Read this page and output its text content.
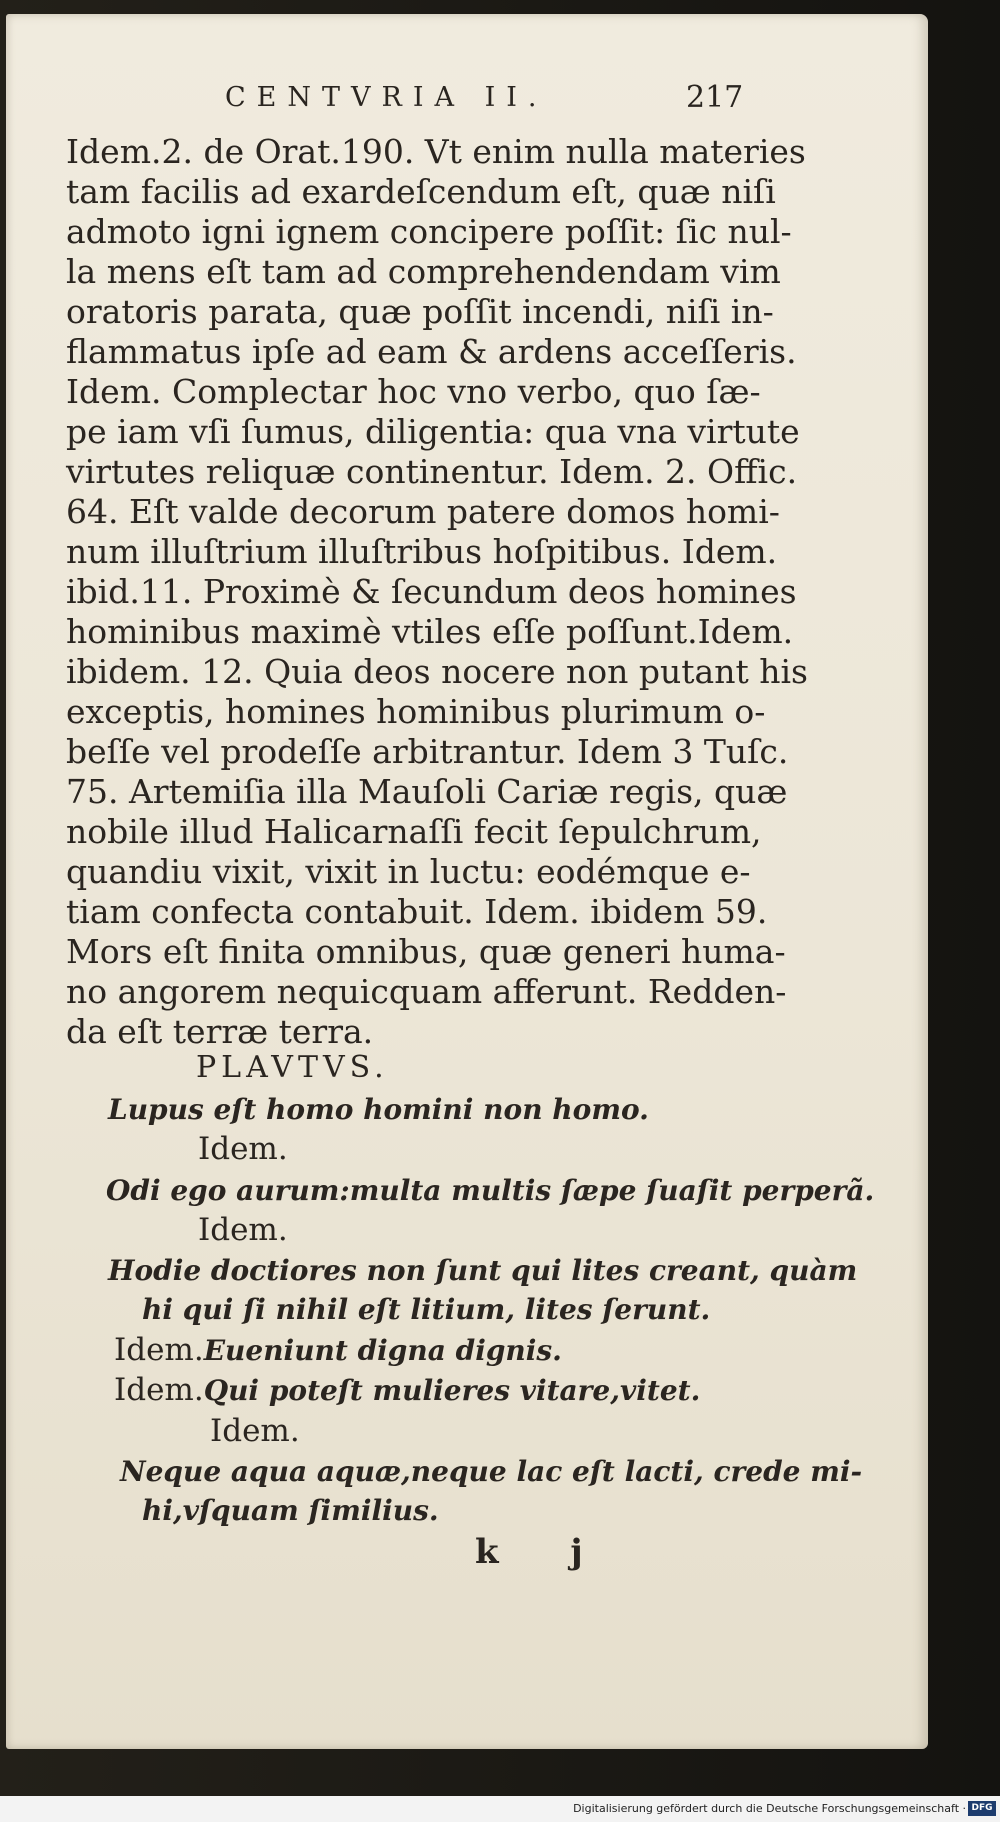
CENTVRIA II.	217
Idem.2. de Orat.190. Vt enim nulla materies
tam facilis ad exardeſcendum eſt, quæ niſi
admoto igni ignem concipere poſſit: ſic nul-
la mens eſt tam ad comprehendendam vim
oratoris parata, quæ poſſit incendi, niſi in-
flammatus ipſe ad eam & ardens acceſſeris.
Idem. Complectar hoc vno verbo, quo ſæ-
pe iam vſi ſumus, diligentia: qua vna virtute
virtutes reliquæ continentur. Idem. 2. Offic.
64. Eſt valde decorum patere domos homi-
num illuſtrium illuſtribus hoſpitibus. Idem.
ibid.11. Proximè & ſecundum deos homines
hominibus maximè vtiles eſſe poſſunt.Idem.
ibidem. 12. Quia deos nocere non putant his
exceptis, homines hominibus plurimum o-
beſſe vel prodeſſe arbitrantur. Idem 3 Tuſc.
75. Artemiſia illa Mauſoli Cariæ regis, quæ
nobile illud Halicarnaſſi fecit ſepulchrum,
quandiu vixit, vixit in luctu: eodémque e-
tiam confecta contabuit. Idem. ibidem 59.
Mors eſt finita omnibus, quæ generi huma-
no angorem nequicquam afferunt. Redden-
da eſt terræ terra.
PLAVTVS.
Lupus eſt homo homini non homo.
Idem.
Odi ego aurum:multa multis ſæpe ſuaſit perperã.
Idem.
Hodie doctiores non ſunt qui lites creant, quàm
hi qui ſi nihil eſt litium, lites ſerunt.
Idem.Eueniunt digna dignis.
Idem.Qui poteſt mulieres vitare,vitet.
Idem.
Neque aqua aquæ,neque lac eſt lacti, crede mi-
hi,vſquam ſimilius.
k j
Digitalisierung gefördert durch die Deutsche Forschungsgemeinschaft · DFG
